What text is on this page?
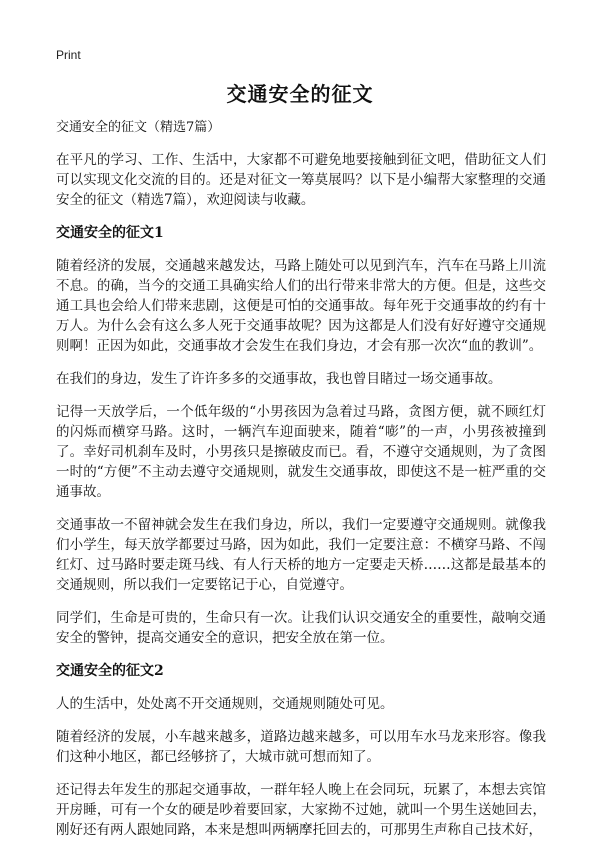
Print
交通安全的征文
交通安全的征文（精选7篇）

在平凡的学习、工作、生活中，大家都不可避免地要接触到征文吧，借助征文人们可以实现文化交流的目的。还是对征文一筹莫展吗？以下是小编帮大家整理的交通安全的征文（精选7篇），欢迎阅读与收藏。

交通安全的征文1

随着经济的发展，交通越来越发达，马路上随处可以见到汽车，汽车在马路上川流不息。的确，当今的交通工具确实给人们的出行带来非常大的方便。但是，这些交通工具也会给人们带来悲剧，这便是可怕的交通事故。每年死于交通事故的约有十万人。为什么会有这么多人死于交通事故呢？因为这都是人们没有好好遵守交通规则啊！正因为如此，交通事故才会发生在我们身边，才会有那一次次“血的教训”。

在我们的身边，发生了许许多多的交通事故，我也曾目睹过一场交通事故。

记得一天放学后，一个低年级的“小男孩因为急着过马路，贪图方便，就不顾红灯的闪烁而横穿马路。这时，一辆汽车迎面驶来，随着“嘭”的一声，小男孩被撞到了。幸好司机刹车及时，小男孩只是擦破皮而已。看，不遵守交通规则，为了贪图一时的“方便”不主动去遵守交通规则，就发生交通事故，即使这不是一桩严重的交通事故。

交通事故一不留神就会发生在我们身边，所以，我们一定要遵守交通规则。就像我们小学生，每天放学都要过马路，因为如此，我们一定要注意：不横穿马路、不闯红灯、过马路时要走斑马线、有人行天桥的地方一定要走天桥……这都是最基本的交通规则，所以我们一定要铭记于心，自觉遵守。

同学们，生命是可贵的，生命只有一次。让我们认识交通安全的重要性，敲响交通安全的警钟，提高交通安全的意识，把安全放在第一位。

交通安全的征文2

人的生活中，处处离不开交通规则，交通规则随处可见。

随着经济的发展，小车越来越多，道路边越来越多，可以用车水马龙来形容。像我们这种小地区，都已经够挤了，大城市就可想而知了。

还记得去年发生的那起交通事故，一群年轻人晚上在会同玩，玩累了，本想去宾馆开房睡，可有一个女的硬是吵着要回家，大家拗不过她，就叫一个男生送她回去，刚好还有两人跟她同路，本来是想叫两辆摩托回去的，可那男生声称自己技术好，
